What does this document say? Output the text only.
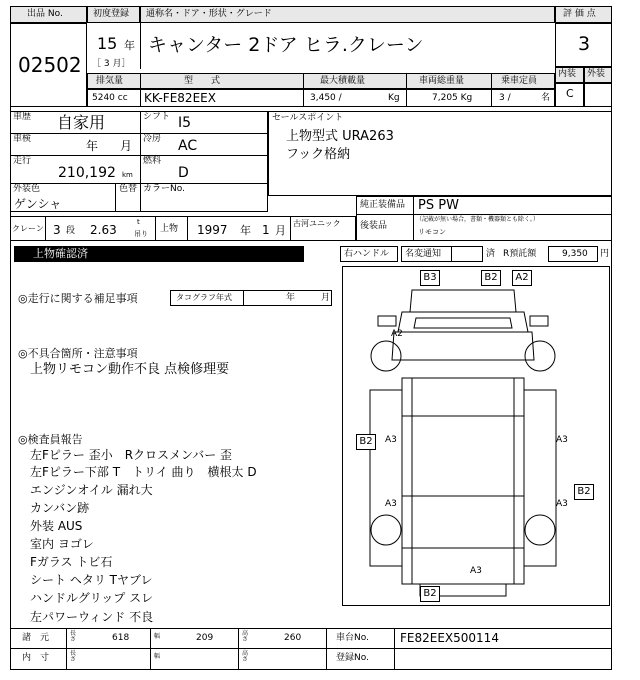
出品 No.
02502
初度登録 通称名・ドア・形状・グレード
15 年
［ 3 月］
キャンター 2ドア ヒラ.クレーン
評 価 点
3
内装 外装
C
排気量	型　　式	最大積載量	車両総重量	乗車定員
5240 cc KK-FE82EEX	3,450 /	Kg	7,205 Kg	3 /	名
車歴 自家用	シフト I5
車検	年 月 冷房 AC
走行
210,192 km
燃料
D
外装色
ゲンシャ
色替 カラーNo.
セールスポイント
上物型式 URA263
フック格納
純正装備品 PS PW
後装品
（記載が無い場合，書類・機器類とも除く。）
リモコン
クレーン 3 段 2.63
t
吊り 上物 1997 年 1 月
古河ユニック
上物確認済	右ハンドル 名変通知	済 R預託額	9,350 円
◎走行に関する補足事項	タコグラフ年式	年	月
◎不具合箇所・注意事項
上物リモコン動作不良 点検修理要
◎検査員報告
左Fピラー 歪小　Rクロスメンバー 歪
左Fピラー下部 T　トリイ 曲り　横根太 D
エンジンオイル 漏れ大
カンバン跡
外装 AUS
室内 ヨゴレ
Fガラス トビ石
シート ヘタリ Tヤブレ
ハンドルグリップ スレ
左パワーウィンド 不良
B3	B2	A2
A2
B2	A3	A3
B2
A3	A3
A3
B2
諸　元	長さ	618	幅	209	高さ	260	車台No.	FE82EEX500114
内　寸	長さ	幅	高さ	登録No.
